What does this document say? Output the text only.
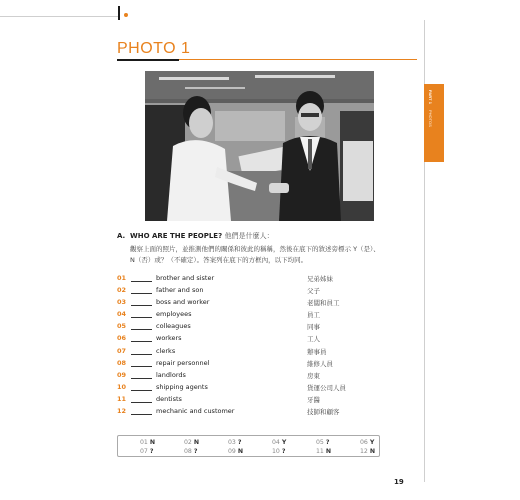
PHOTO 1
PART 1
PHOTOS
A. WHO ARE THE PEOPLE? 他們是什麼人：
觀察上面的照片，並推測他們的關係和彼此的稱稱，然後在底下的敘述旁標示 Y（是）、
N（否）或？（不確定）。答案列在底下的方框內，以下均同。
01	brother and sister	兄弟姊妹
02	father and son	父子
03	boss and worker	老闆和員工
04	employees	員工
05	colleagues	同事
06	workers	工人
07	clerks	辦事員
08	repair personnel	維修人員
09	landlords	房東
10	shipping agents	貨運公司人員
11	dentists	牙醫
12	mechanic and customer	技師和顧客
01 N	02 N	03 ?	04 Y	05 ?	06 Y
07 ?	08 ?	09 N	10 ?	11 N	12 N
19
